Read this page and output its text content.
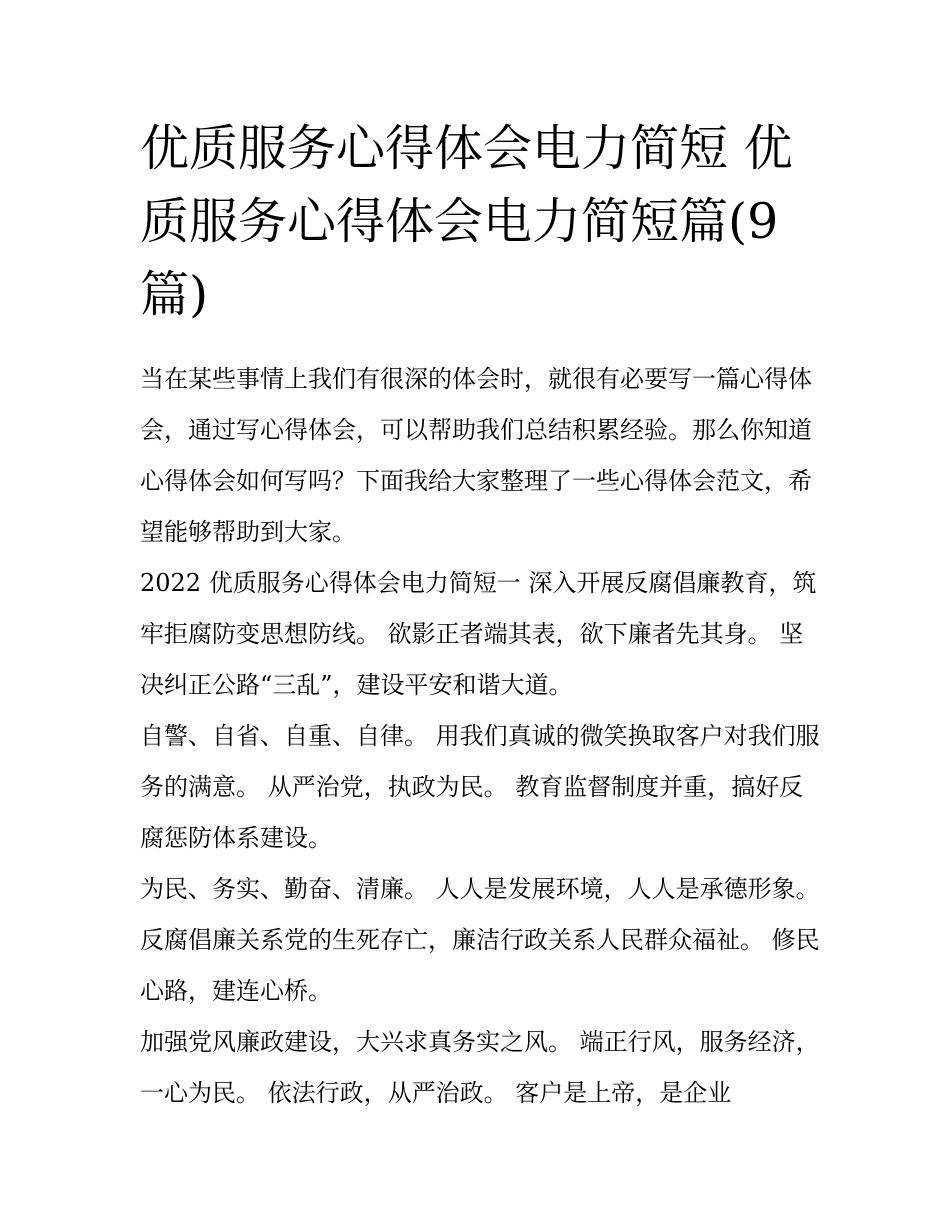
优质服务心得体会电力简短 优质服务心得体会电力简短篇(9篇)

当在某些事情上我们有很深的体会时，就很有必要写一篇心得体会，通过写心得体会，可以帮助我们总结积累经验。那么你知道心得体会如何写吗？下面我给大家整理了一些心得体会范文，希望能够帮助到大家。

2022 优质服务心得体会电力简短一 深入开展反腐倡廉教育，筑牢拒腐防变思想防线。 欲影正者端其表，欲下廉者先其身。 坚决纠正公路“三乱”，建设平安和谐大道。

自警、自省、自重、自律。 用我们真诚的微笑换取客户对我们服务的满意。 从严治党，执政为民。 教育监督制度并重，搞好反腐惩防体系建设。

为民、务实、勤奋、清廉。 人人是发展环境，人人是承德形象。 反腐倡廉关系党的生死存亡，廉洁行政关系人民群众福祉。 修民心路，建连心桥。

加强党风廉政建设，大兴求真务实之风。 端正行风，服务经济，一心为民。 依法行政，从严治政。 客户是上帝，是企业
